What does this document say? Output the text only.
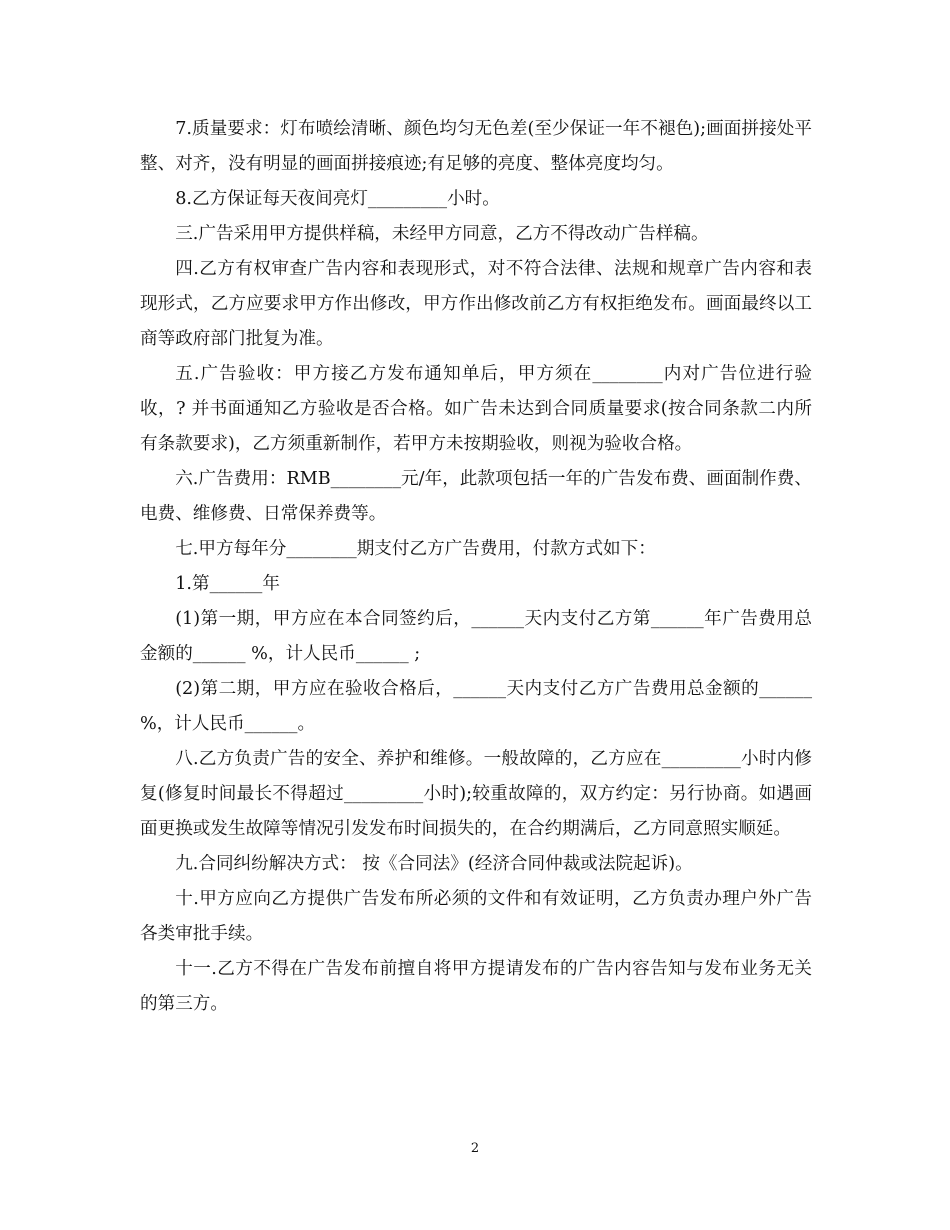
7.质量要求：灯布喷绘清晰、颜色均匀无色差(至少保证一年不褪色);画面拼接处平整、对齐，没有明显的画面拼接痕迹;有足够的亮度、整体亮度均匀。

8.乙方保证每天夜间亮灯_________小时。

三.广告采用甲方提供样稿，未经甲方同意，乙方不得改动广告样稿。

四.乙方有权审查广告内容和表现形式，对不符合法律、法规和规章广告内容和表现形式，乙方应要求甲方作出修改，甲方作出修改前乙方有权拒绝发布。画面最终以工商等政府部门批复为准。

五.广告验收：甲方接乙方发布通知单后，甲方须在________内对广告位进行验收，? 并书面通知乙方验收是否合格。如广告未达到合同质量要求(按合同条款二内所有条款要求)，乙方须重新制作，若甲方未按期验收，则视为验收合格。

六.广告费用：RMB________元/年，此款项包括一年的广告发布费、画面制作费、电费、维修费、日常保养费等。

七.甲方每年分________期支付乙方广告费用，付款方式如下：

1.第______年

(1)第一期，甲方应在本合同签约后，______天内支付乙方第______年广告费用总金额的______ %，计人民币______ ;

(2)第二期，甲方应在验收合格后，______天内支付乙方广告费用总金额的______ %，计人民币______。

八.乙方负责广告的安全、养护和维修。一般故障的，乙方应在_________小时内修复(修复时间最长不得超过_________小时);较重故障的，双方约定：另行协商。如遇画面更换或发生故障等情况引发发布时间损失的，在合约期满后，乙方同意照实顺延。

九.合同纠纷解决方式： 按《合同法》(经济合同仲裁或法院起诉)。

十.甲方应向乙方提供广告发布所必须的文件和有效证明，乙方负责办理户外广告各类审批手续。

十一.乙方不得在广告发布前擅自将甲方提请发布的广告内容告知与发布业务无关的第三方。

2
